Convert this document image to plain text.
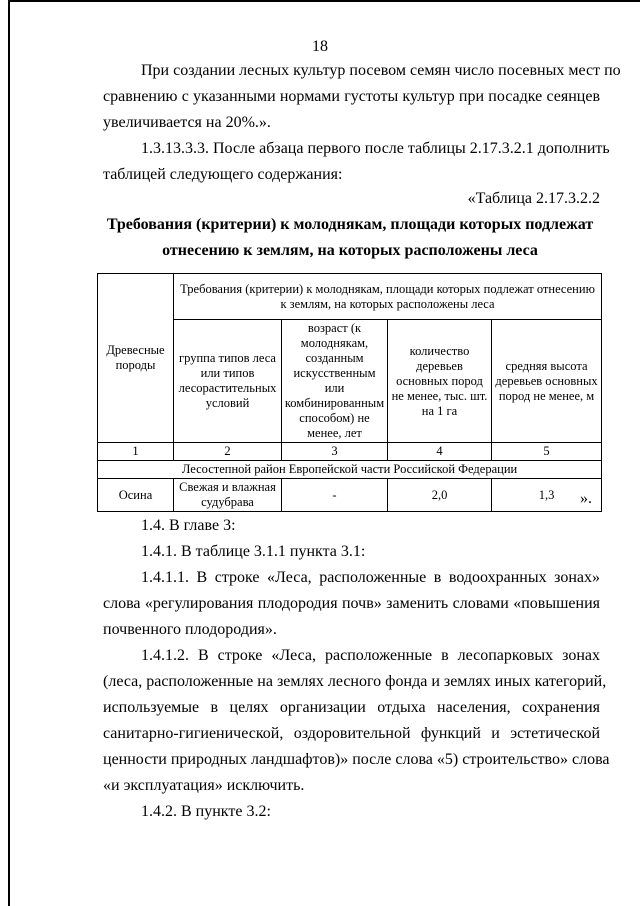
18
При создании лесных культур посевом семян число посевных мест по
сравнению с указанными нормами густоты культур при посадке сеянцев
увеличивается на 20%.».
1.3.13.3.3. После абзаца первого после таблицы 2.17.3.2.1 дополнить
таблицей следующего содержания:
«Таблица 2.17.3.2.2
Требования (критерии) к молоднякам, площади которых подлежат
отнесению к землям, на которых расположены леса
Древесные породы	Требования (критерии) к молоднякам, площади которых подлежат отнесению к землям, на которых расположены леса			
	группа типов леса или типов лесорастительных условий	возраст (к молоднякам, созданным искусственным или комбинированным способом) не менее, лет	количество деревьев основных пород не менее, тыс. шт. на 1 га	средняя высота деревьев основных пород не менее, м
1	2	3	4	5
Лесостепной район Европейской части Российской Федерации				
Осина	Свежая и влажная судубрава	-	2,0	1,3 ».
1.4. В главе 3:
1.4.1. В таблице 3.1.1 пункта 3.1:
1.4.1.1. В строке «Леса, расположенные в водоохранных зонах»
слова «регулирования плодородия почв» заменить словами «повышения
почвенного плодородия».
1.4.1.2. В строке «Леса, расположенные в лесопарковых зонах
(леса, расположенные на землях лесного фонда и землях иных категорий,
используемые в целях организации отдыха населения, сохранения
санитарно-гигиенической, оздоровительной функций и эстетической
ценности природных ландшафтов)» после слова «5) строительство» слова
«и эксплуатация» исключить.
1.4.2. В пункте 3.2:
